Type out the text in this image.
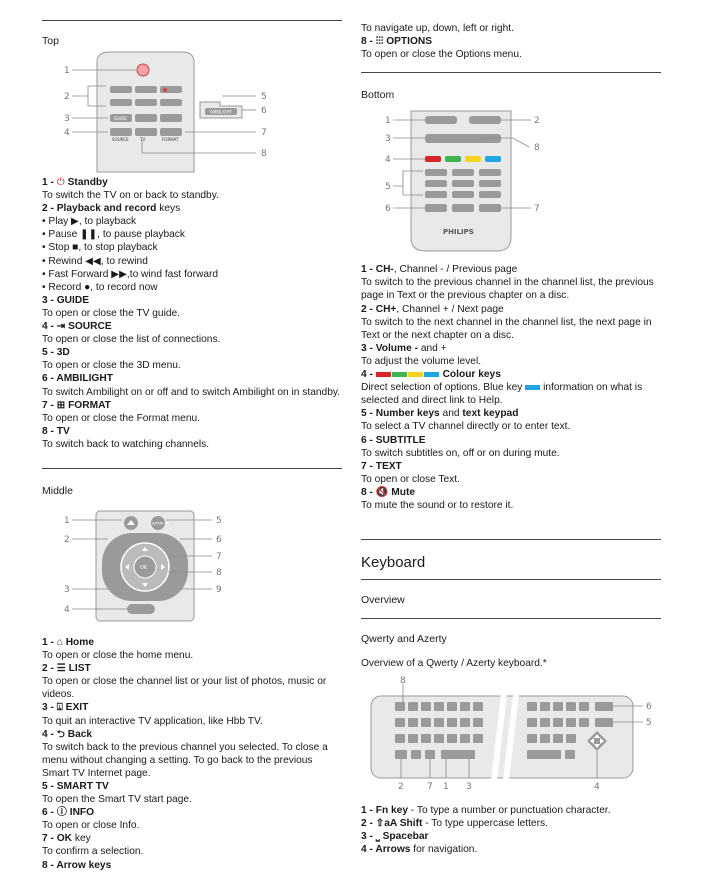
Top
GUIDE
SOURCE	TV	FORMAT
AMBILIGHT
1
2
3
4
5
6
7
8
1 - ⏻ Standby
To switch the TV on or back to standby.
2 - Playback and record keys
• Play ▶, to playback
• Pause ❚❚, to pause playback
• Stop ■, to stop playback
• Rewind ◀◀, to rewind
• Fast Forward ▶▶,to wind fast forward
• Record ●, to record now
3 - GUIDE
To open or close the TV guide.
4 - ⇥ SOURCE
To open or close the list of connections.
5 - 3D
To open or close the 3D menu.
6 - AMBILIGHT
To switch Ambilight on or off and to switch Ambilight on in standby.
7 - ⊞ FORMAT
To open or close the Format menu.
8 - TV
To switch back to watching channels.
Middle
SMART TV
OK
1
2
3
4
5
6
7
8
9
1 - ⌂ Home
To open or close the home menu.
2 - ☰ LIST
To open or close the channel list or your list of photos, music or videos.
3 - ⍗ EXIT
To quit an interactive TV application, like Hbb TV.
4 - ⮌ Back
To switch back to the previous channel you selected. To close a menu without changing a setting. To go back to the previous Smart TV Internet page.
5 - SMART TV
To open the Smart TV start page.
6 - ⓘ INFO
To open or close Info.
7 - OK key
To confirm a selection.
8 - Arrow keys
To navigate up, down, left or right.
8 - ⫶⫶⫶ OPTIONS
To open or close the Options menu.
Bottom
PHILIPS
1	2
3
4
5
6	7
8
1 - CH-, Channel - / Previous page
To switch to the previous channel in the channel list, the previous page in Text or the previous chapter on a disc.
2 - CH+, Channel + / Next page
To switch to the next channel in the channel list, the next page in Text or the next chapter on a disc.
3 - Volume - and +
To adjust the volume level.
4 -	Colour keys
Direct selection of options. Blue key  information on what is selected and direct link to Help.
5 - Number keys and text keypad
To select a TV channel directly or to enter text.
6 - SUBTITLE
To switch subtitles on, off or on during mute.
7 - TEXT
To open or close Text.
8 - 🔇 Mute
To mute the sound or to restore it.
Keyboard
Overview
Qwerty and Azerty
Overview of a Qwerty / Azerty keyboard.*
8
6
5
2	7 1 3	4
1 - Fn key - To type a number or punctuation character.
2 - ⇧aA Shift - To type uppercase letters.
3 - ⎵ Spacebar
4 - Arrows for navigation.
